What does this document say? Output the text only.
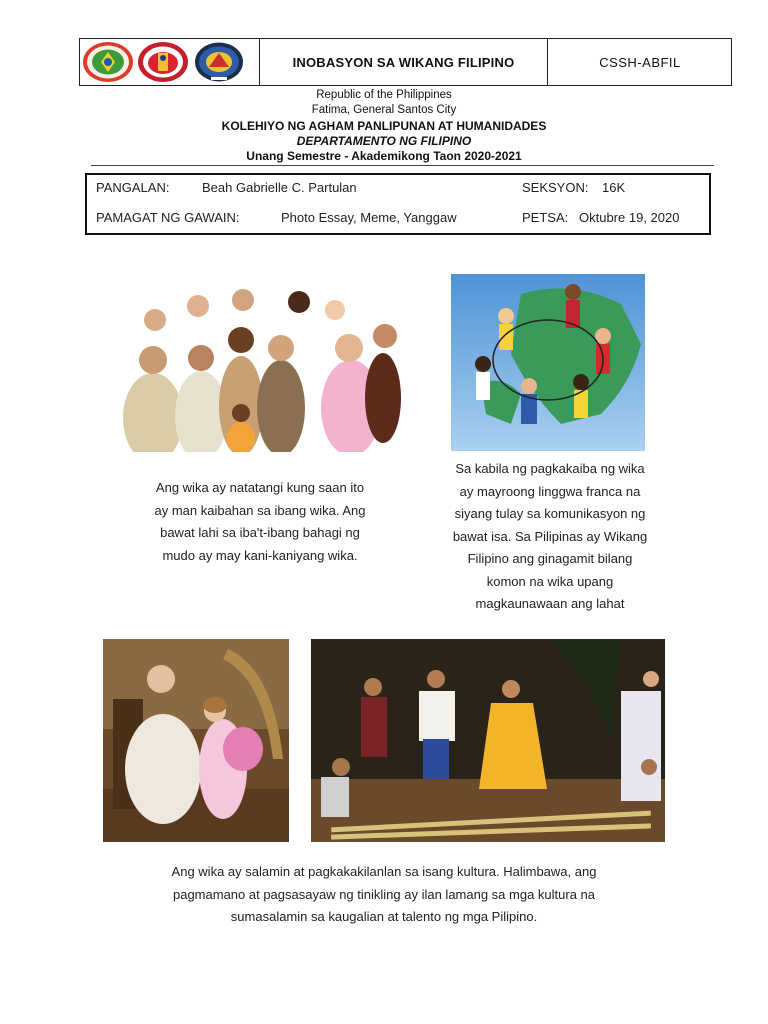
INOBASYON SA WIKANG FILIPINO	CSSH-ABFIL
Republic of the Philippines
Fatima, General Santos City
KOLEHIYO NG AGHAM PANLIPUNAN AT HUMANIDADES
DEPARTAMENTO NG FILIPINO
Unang Semestre - Akademikong Taon 2020-2021
PANGALAN:	Beah Gabrielle C. Partulan	SEKSYON: 16K
PAMAGAT NG GAWAIN:	Photo Essay, Meme, Yanggaw	PETSA: Oktubre 19, 2020
Ang wika ay natatangi kung saan ito
ay man kaibahan sa ibang wika. Ang
bawat lahi sa iba't-ibang bahagi ng
mudo ay may kani-kaniyang wika.
Sa kabila ng pagkakaiba ng wika
ay mayroong linggwa franca na
siyang tulay sa komunikasyon ng
bawat isa. Sa Pilipinas ay Wikang
Filipino ang ginagamit bilang
komon na wika upang
magkaunawaan ang lahat
Ang wika ay salamin at pagkakakilanlan sa isang kultura. Halimbawa, ang
pagmamano at pagsasayaw ng tinikling ay ilan lamang sa mga kultura na
sumasalamin sa kaugalian at talento ng mga Pilipino.
